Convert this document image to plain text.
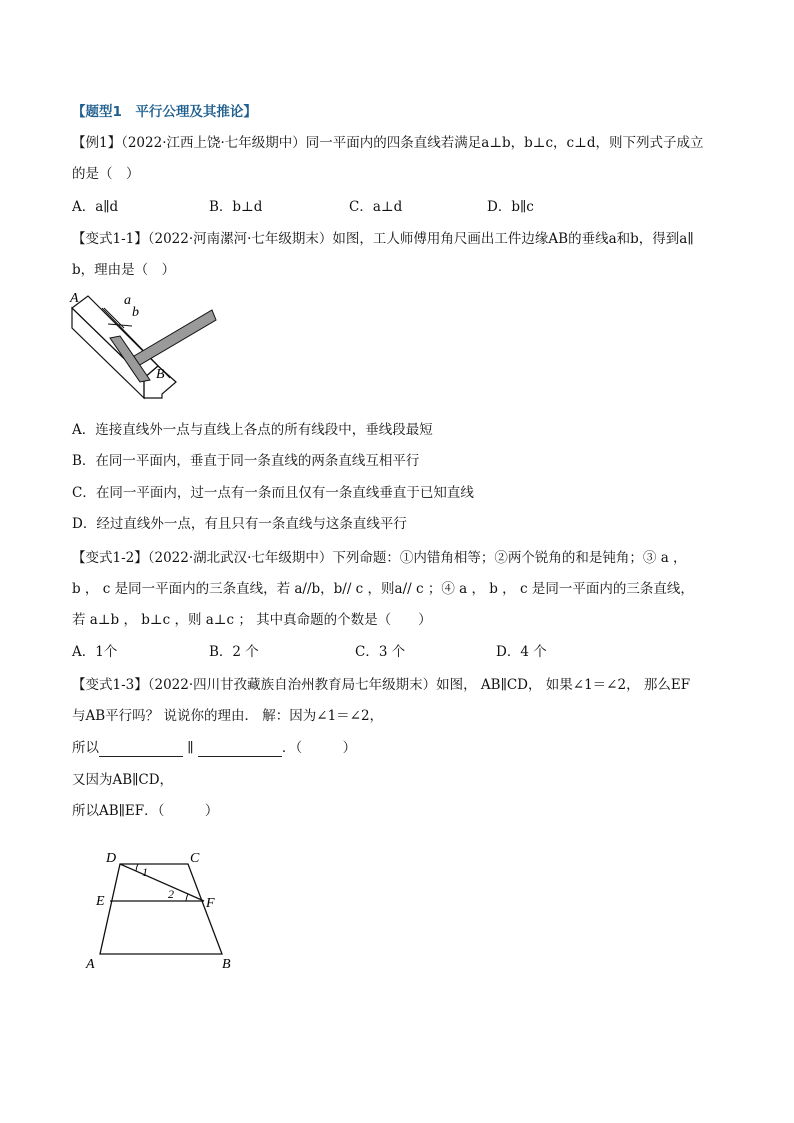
【题型1　平行公理及其推论】
【例1】（2022·江西上饶·七年级期中）同一平面内的四条直线若满足a⊥b，b⊥c，c⊥d，则下列式子成立
的是（　）
A．a∥d	B．b⊥d	C．a⊥d	D．b∥c
【变式1-1】（2022·河南漯河·七年级期末）如图，工人师傅用角尺画出工件边缘AB的垂线a和b，得到a∥
b，理由是（　）
A	a
b
B
A．连接直线外一点与直线上各点的所有线段中，垂线段最短
B．在同一平面内，垂直于同一条直线的两条直线互相平行
C．在同一平面内，过一点有一条而且仅有一条直线垂直于已知直线
D．经过直线外一点，有且只有一条直线与这条直线平行
【变式1-2】（2022·湖北武汉·七年级期中）下列命题：①内错角相等；②两个锐角的和是钝角；③ a ，
b ， c 是同一平面内的三条直线，若 a//b，b// c ，则a// c ；④ a ， b ， c 是同一平面内的三条直线，
若 a⊥b ， b⊥c ，则 a⊥c ； 其中真命题的个数是（　　）
A．1个	B．2 个	C．3 个	D．4 个
【变式1-3】（2022·四川甘孜藏族自治州教育局七年级期末）如图， AB∥CD， 如果∠1＝∠2， 那么EF
与AB平行吗？ 说说你的理由． 解：因为∠1＝∠2，
所以	∥	．（　　　）
又因为AB∥CD，
所以AB∥EF．（　　　）
D	C
E	F
A	B
1
2
